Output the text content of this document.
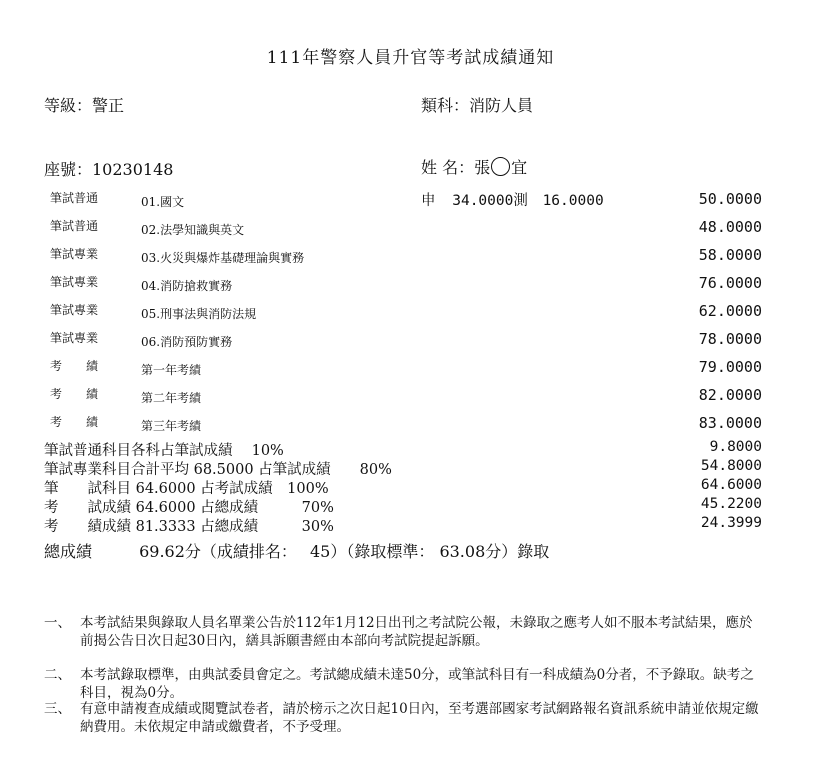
111年警察人員升官等考試成績通知
等級：警正	類科：消防人員
座號：10230148	姓 名：張 宜
申 34.0000測 16.0000
筆試普通	01.國文	50.0000
筆試普通	02.法學知識與英文	48.0000
筆試專業	03.火災與爆炸基礎理論與實務	58.0000
筆試專業	04.消防搶救實務	76.0000
筆試專業	05.刑事法與消防法規	62.0000
筆試專業	06.消防預防實務	78.0000
考　　績	第一年考績	79.0000
考　　績	第二年考績	82.0000
考　　績	第三年考績	83.0000
筆試普通科目各科占筆試成績　 10%	9.8000
筆試專業科目合計平均 68.5000 占筆試成績　　80%	54.8000
筆　　試科目 64.6000 占考試成績　100%	64.6000
考　　試成績 64.6000 占總成績　　　70%	45.2200
考　　績成績 81.3333 占總成績　　　30%	24.3999
總成績	69.62分（成績排名：　 45）（錄取標準： 63.08分）錄取
一、 本考試結果與錄取人員名單業公告於112年1月12日出刊之考試院公報，未錄取之應考人如不服本考試結果，應於前揭公告日次日起30日內，繕具訴願書經由本部向考試院提起訴願。
二、 本考試錄取標準，由典試委員會定之。考試總成績未達50分，或筆試科目有一科成績為0分者，不予錄取。缺考之科目，視為0分。
三、 有意申請複查成績或閱覽試卷者，請於榜示之次日起10日內，至考選部國家考試網路報名資訊系統申請並依規定繳納費用。未依規定申請或繳費者，不予受理。
